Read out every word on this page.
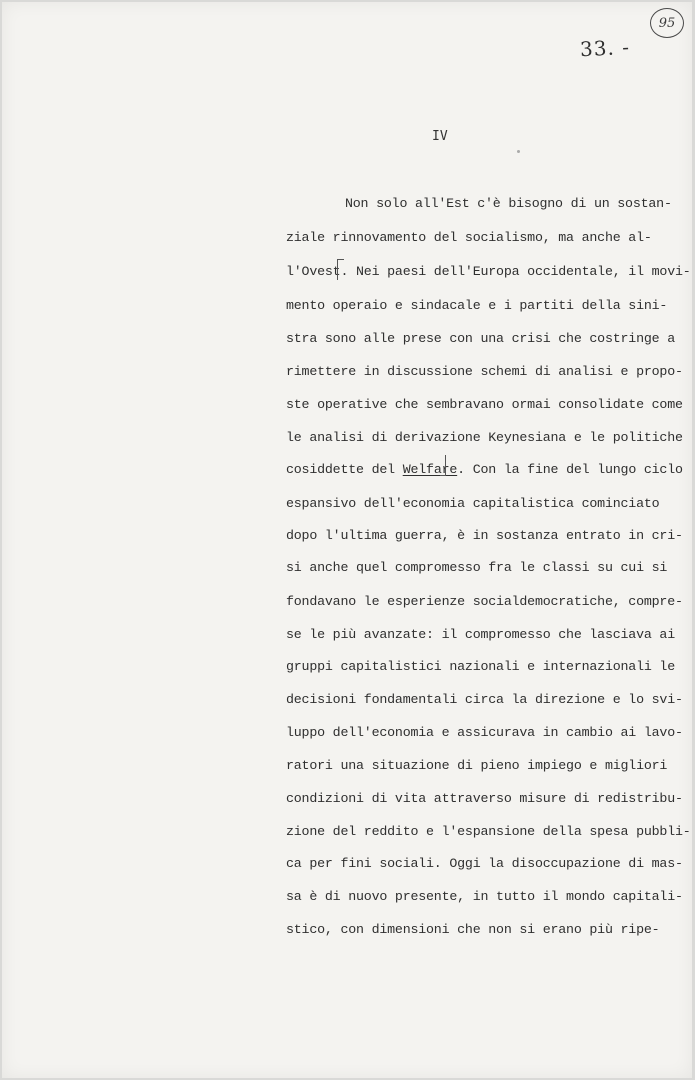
95
33. -
IV
Non solo all'Est c'è bisogno di un sostan-
ziale rinnovamento del socialismo, ma anche al-
l'Ovest. Nei paesi dell'Europa occidentale, il movi-
mento operaio e sindacale e i partiti della sini-
stra sono alle prese con una crisi che costringe a
rimettere in discussione schemi di analisi e propo-
ste operative che sembravano ormai consolidate come
le analisi di derivazione Keynesiana e le politiche
cosiddette del Welfare. Con la fine del lungo ciclo
espansivo dell'economia capitalistica cominciato
dopo l'ultima guerra, è in sostanza entrato in cri-
si anche quel compromesso fra le classi su cui si
fondavano le esperienze socialdemocratiche, compre-
se le più avanzate: il compromesso che lasciava ai
gruppi capitalistici nazionali e internazionali le
decisioni fondamentali circa la direzione e lo svi-
luppo dell'economia e assicurava in cambio ai lavo-
ratori una situazione di pieno impiego e migliori
condizioni di vita attraverso misure di redistribu-
zione del reddito e l'espansione della spesa pubbli-
ca per fini sociali. Oggi la disoccupazione di mas-
sa è di nuovo presente, in tutto il mondo capitali-
stico, con dimensioni che non si erano più ripe-
